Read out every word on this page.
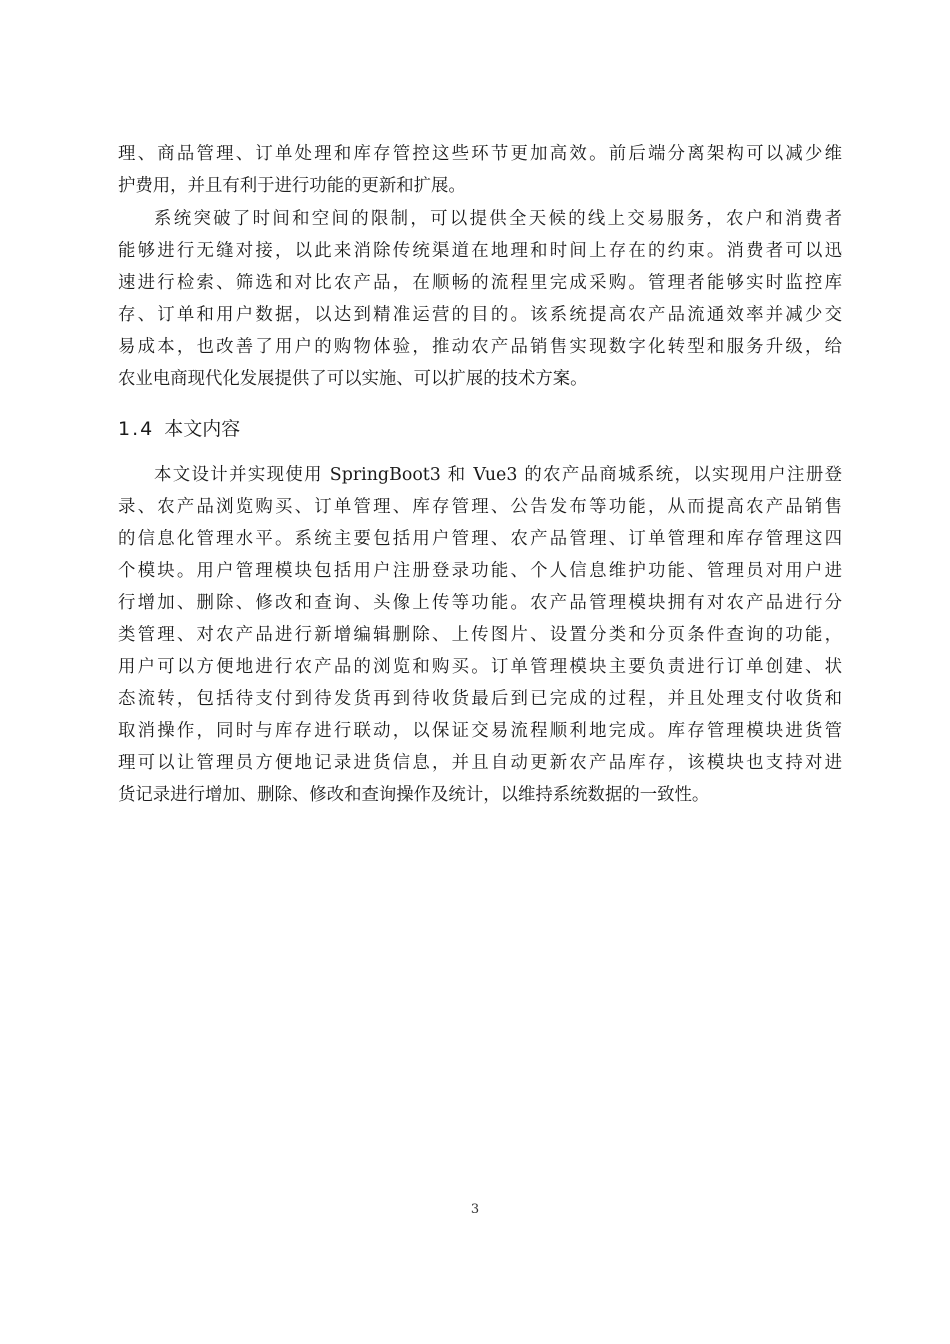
理、商品管理、订单处理和库存管控这些环节更加高效。前后端分离架构可以减少维
护费用，并且有利于进行功能的更新和扩展。
系统突破了时间和空间的限制，可以提供全天候的线上交易服务，农户和消费者
能够进行无缝对接，以此来消除传统渠道在地理和时间上存在的约束。消费者可以迅
速进行检索、筛选和对比农产品，在顺畅的流程里完成采购。管理者能够实时监控库
存、订单和用户数据，以达到精准运营的目的。该系统提高农产品流通效率并减少交
易成本，也改善了用户的购物体验，推动农产品销售实现数字化转型和服务升级，给
农业电商现代化发展提供了可以实施、可以扩展的技术方案。
1.4 本文内容
本文设计并实现使用 SpringBoot3 和 Vue3 的农产品商城系统，以实现用户注册登
录、农产品浏览购买、订单管理、库存管理、公告发布等功能，从而提高农产品销售
的信息化管理水平。系统主要包括用户管理、农产品管理、订单管理和库存管理这四
个模块。用户管理模块包括用户注册登录功能、个人信息维护功能、管理员对用户进
行增加、删除、修改和查询、头像上传等功能。农产品管理模块拥有对农产品进行分
类管理、对农产品进行新增编辑删除、上传图片、设置分类和分页条件查询的功能，
用户可以方便地进行农产品的浏览和购买。订单管理模块主要负责进行订单创建、状
态流转，包括待支付到待发货再到待收货最后到已完成的过程，并且处理支付收货和
取消操作，同时与库存进行联动，以保证交易流程顺利地完成。库存管理模块进货管
理可以让管理员方便地记录进货信息，并且自动更新农产品库存，该模块也支持对进
货记录进行增加、删除、修改和查询操作及统计，以维持系统数据的一致性。
3
